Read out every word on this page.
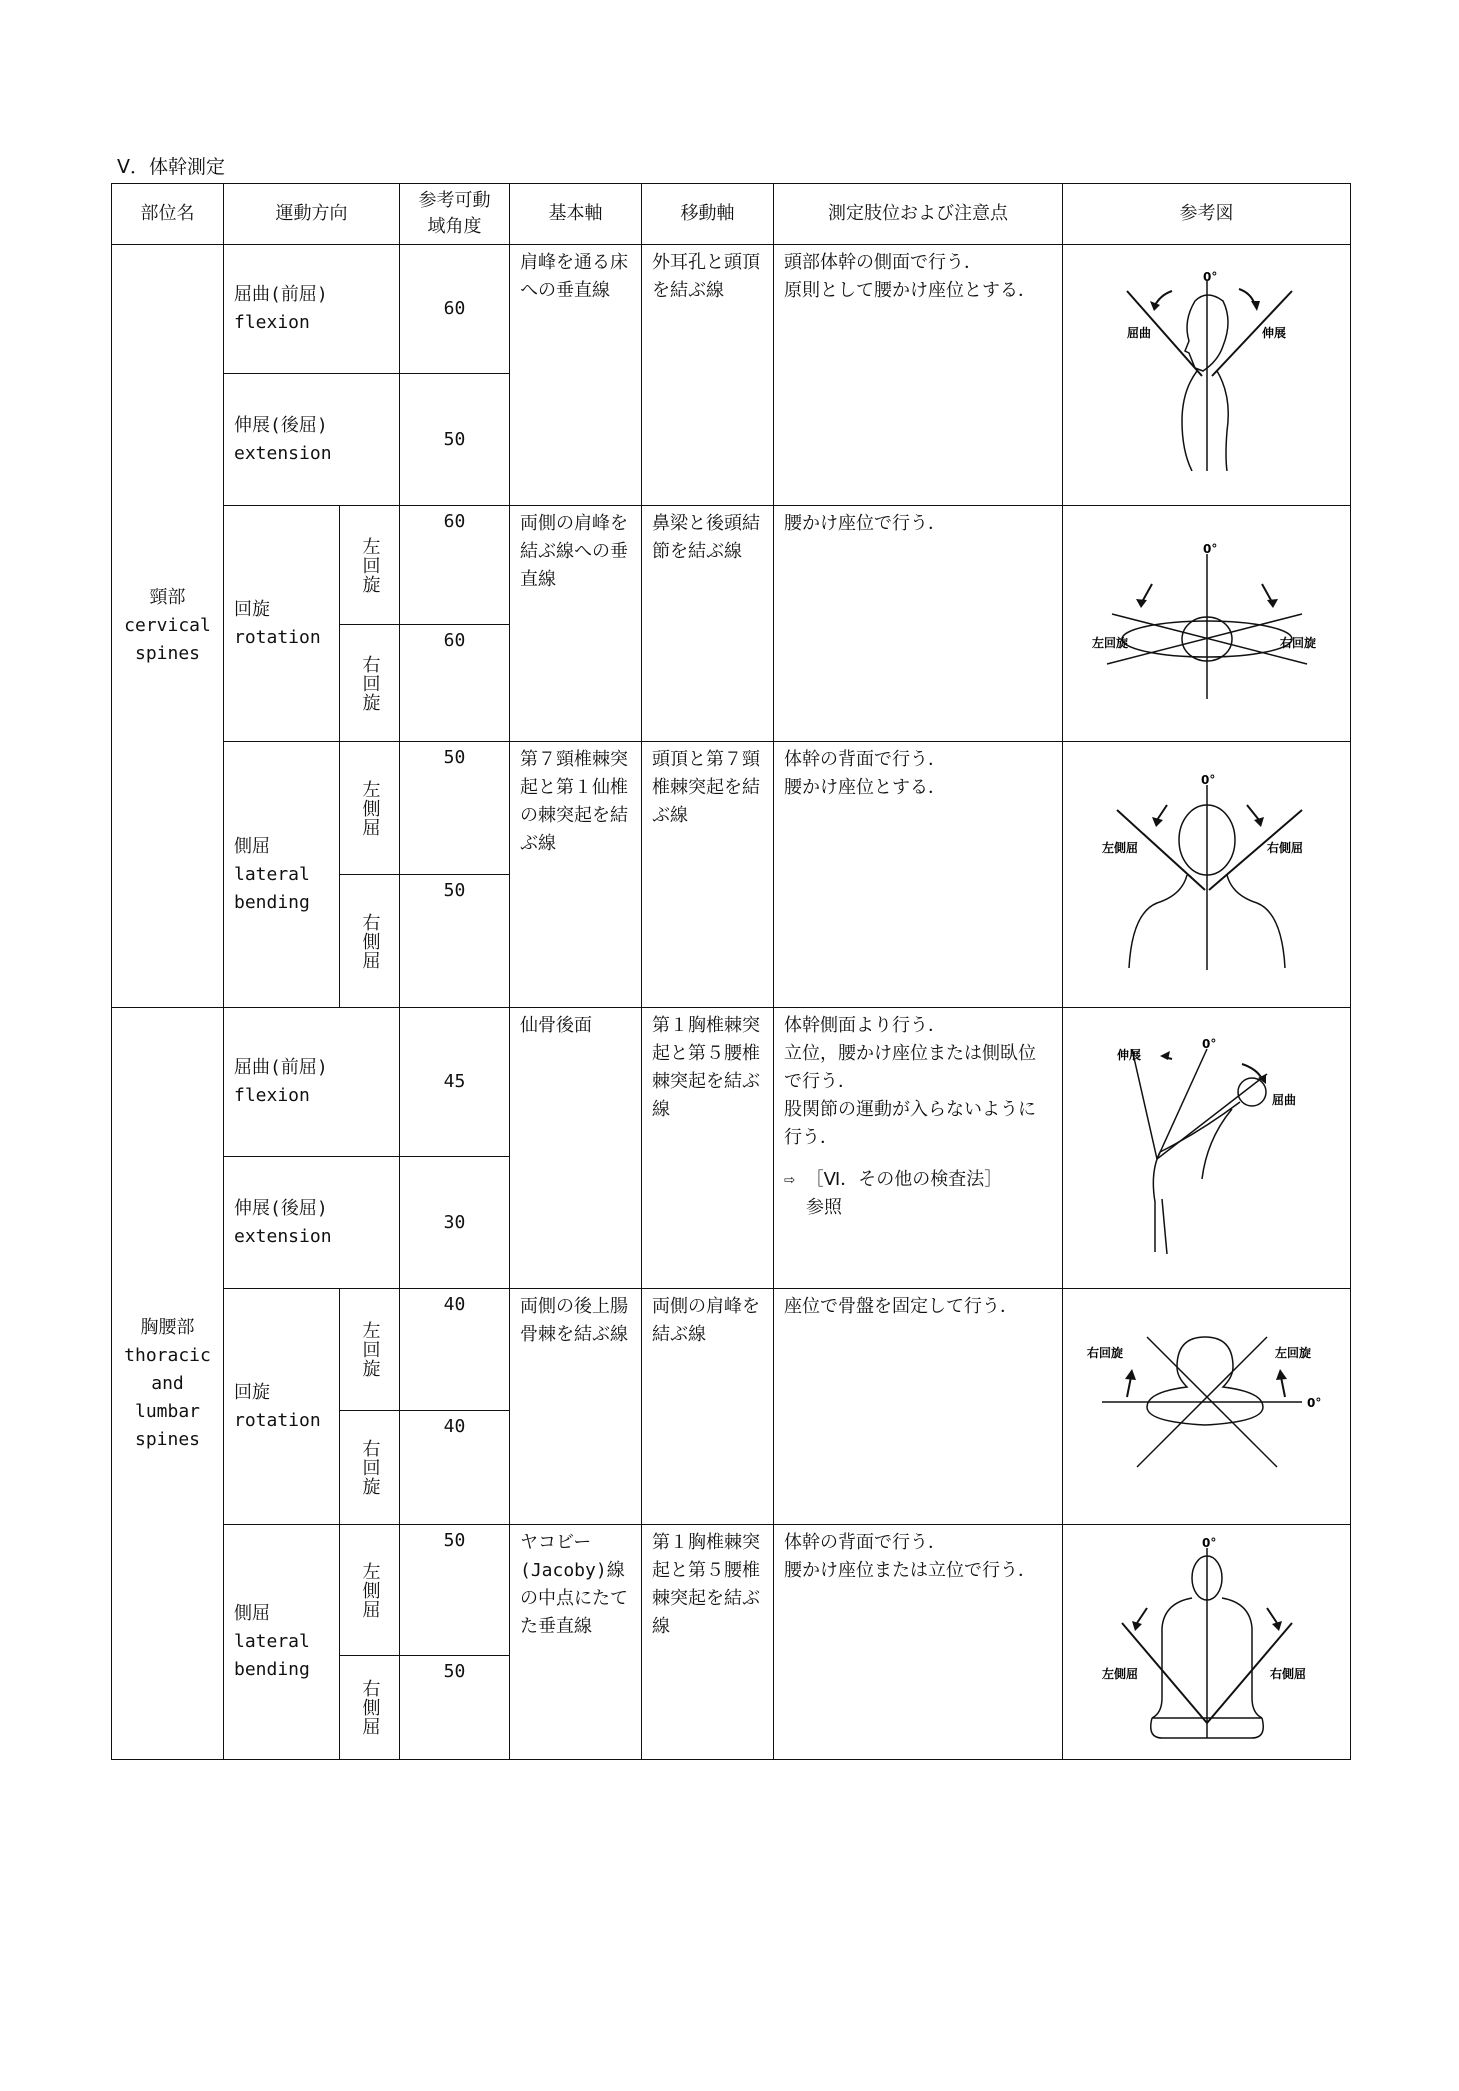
Ⅴ．体幹測定
部位名	運動方向		参考可動域角度	基本軸	移動軸	測定肢位および注意点	参考図

頸部
cervical
spines	屈曲(前屈)
flexion		60	肩峰を通る床への垂直線	外耳孔と頭頂を結ぶ線	頭部体幹の側面で行う．
原則として腰かけ座位とする．	0°
屈曲 伸展

	伸展(後屈)
extension		50				

	回旋
rotation	左回旋	60	両側の肩峰を結ぶ線への垂直線	鼻梁と後頭結節を結ぶ線	腰かけ座位で行う．	0°
左回旋 右回旋

		右回旋	60				

	側屈
lateral
bending	左側屈	50	第７頸椎棘突起と第１仙椎の棘突起を結ぶ線	頭頂と第７頸椎棘突起を結ぶ線	体幹の背面で行う．
腰かけ座位とする．	0°
左側屈 右側屈

		右側屈	50				

胸腰部
thoracic
and
lumbar
spines	屈曲(前屈)
flexion		45	仙骨後面	第１胸椎棘突起と第５腰椎棘突起を結ぶ線	体幹側面より行う．
立位，腰かけ座位または側臥位で行う．
股関節の運動が入らないように行う．
⇨ ［Ⅵ．その他の検査法］
参照	0°
伸展
屈曲

	伸展(後屈)
extension		30				

	回旋
rotation	左回旋	40	両側の後上腸骨棘を結ぶ線	両側の肩峰を結ぶ線	座位で骨盤を固定して行う．	0°
右回旋 左回旋

		右回旋	40				

	側屈
lateral
bending	左側屈	50	ヤコビー(Jacoby)線の中点にたてた垂直線	第１胸椎棘突起と第５腰椎棘突起を結ぶ線	体幹の背面で行う．
腰かけ座位または立位で行う．	0°
左側屈 右側屈

		右側屈	50				
